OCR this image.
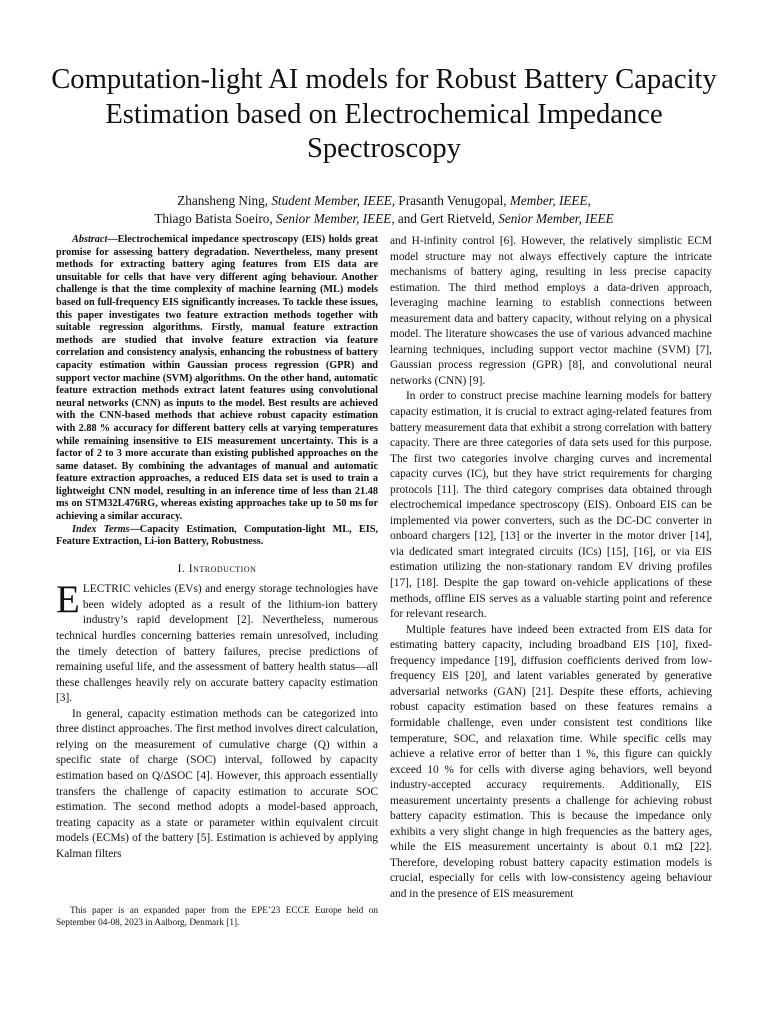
Computation-light AI models for Robust Battery Capacity Estimation based on Electrochemical Impedance Spectroscopy
Zhansheng Ning, Student Member, IEEE, Prasanth Venugopal, Member, IEEE,
Thiago Batista Soeiro, Senior Member, IEEE, and Gert Rietveld, Senior Member, IEEE

Abstract—Electrochemical impedance spectroscopy (EIS) holds great promise for assessing battery degradation. Nevertheless, many present methods for extracting battery aging features from EIS data are unsuitable for cells that have very different aging behaviour. Another challenge is that the time complexity of machine learning (ML) models based on full-frequency EIS significantly increases. To tackle these issues, this paper investigates two feature extraction methods together with suitable regression algorithms. Firstly, manual feature extraction methods are studied that involve feature extraction via feature correlation and consistency analysis, enhancing the robustness of battery capacity estimation within Gaussian process regression (GPR) and support vector machine (SVM) algorithms. On the other hand, automatic feature extraction methods extract latent features using convolutional neural networks (CNN) as inputs to the model. Best results are achieved with the CNN-based methods that achieve robust capacity estimation with 2.88 % accuracy for different battery cells at varying temperatures while remaining insensitive to EIS measurement uncertainty. This is a factor of 2 to 3 more accurate than existing published approaches on the same dataset. By combining the advantages of manual and automatic feature extraction approaches, a reduced EIS data set is used to train a lightweight CNN model, resulting in an inference time of less than 21.48 ms on STM32L476RG, whereas existing approaches take up to 50 ms for achieving a similar accuracy.

Index Terms—Capacity Estimation, Computation-light ML, EIS, Feature Extraction, Li-ion Battery, Robustness.

I. Introduction

ELECTRIC vehicles (EVs) and energy storage technologies have been widely adopted as a result of the lithium-ion battery industry’s rapid development [2]. Nevertheless, numerous technical hurdles concerning batteries remain unresolved, including the timely detection of battery failures, precise predictions of remaining useful life, and the assessment of battery health status—all these challenges heavily rely on accurate battery capacity estimation [3].

In general, capacity estimation methods can be categorized into three distinct approaches. The first method involves direct calculation, relying on the measurement of cumulative charge (Q) within a specific state of charge (SOC) interval, followed by capacity estimation based on Q/ΔSOC [4]. However, this approach essentially transfers the challenge of capacity estimation to accurate SOC estimation. The second method adopts a model-based approach, treating capacity as a state or parameter within equivalent circuit models (ECMs) of the battery [5]. Estimation is achieved by applying Kalman filters

This paper is an expanded paper from the EPE’23 ECCE Europe held on September 04-08, 2023 in Aalborg, Denmark [1].

and H-infinity control [6]. However, the relatively simplistic ECM model structure may not always effectively capture the intricate mechanisms of battery aging, resulting in less precise capacity estimation. The third method employs a data-driven approach, leveraging machine learning to establish connections between measurement data and battery capacity, without relying on a physical model. The literature showcases the use of various advanced machine learning techniques, including support vector machine (SVM) [7], Gaussian process regression (GPR) [8], and convolutional neural networks (CNN) [9].

In order to construct precise machine learning models for battery capacity estimation, it is crucial to extract aging-related features from battery measurement data that exhibit a strong correlation with battery capacity. There are three categories of data sets used for this purpose. The first two categories involve charging curves and incremental capacity curves (IC), but they have strict requirements for charging protocols [11]. The third category comprises data obtained through electrochemical impedance spectroscopy (EIS). Onboard EIS can be implemented via power converters, such as the DC-DC converter in onboard chargers [12], [13] or the inverter in the motor driver [14], via dedicated smart integrated circuits (ICs) [15], [16], or via EIS estimation utilizing the non-stationary random EV driving profiles [17], [18]. Despite the gap toward on-vehicle applications of these methods, offline EIS serves as a valuable starting point and reference for relevant research.

Multiple features have indeed been extracted from EIS data for estimating battery capacity, including broadband EIS [10], fixed-frequency impedance [19], diffusion coefficients derived from low-frequency EIS [20], and latent variables generated by generative adversarial networks (GAN) [21]. Despite these efforts, achieving robust capacity estimation based on these features remains a formidable challenge, even under consistent test conditions like temperature, SOC, and relaxation time. While specific cells may achieve a relative error of better than 1 %, this figure can quickly exceed 10 % for cells with diverse aging behaviors, well beyond industry-accepted accuracy requirements. Additionally, EIS measurement uncertainty presents a challenge for achieving robust battery capacity estimation. This is because the impedance only exhibits a very slight change in high frequencies as the battery ages, while the EIS measurement uncertainty is about 0.1 mΩ [22]. Therefore, developing robust battery capacity estimation models is crucial, especially for cells with low-consistency ageing behaviour and in the presence of EIS measurement
